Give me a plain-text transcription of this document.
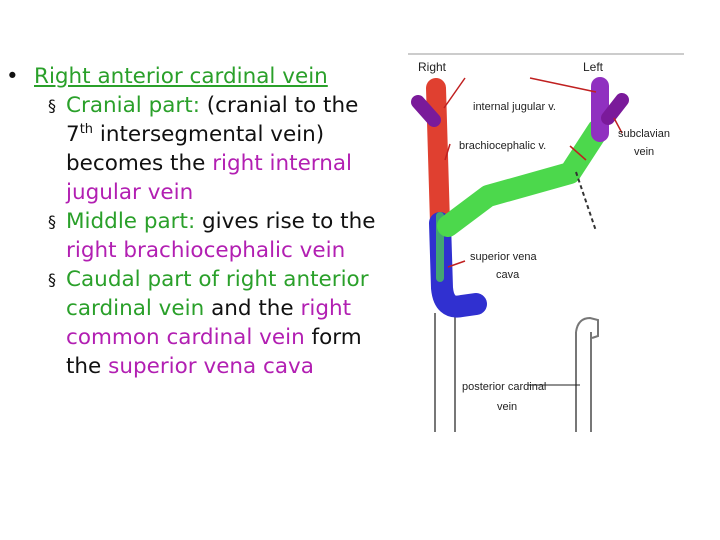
• Right anterior cardinal vein
§ Cranial part: (cranial to the 7th intersegmental vein) becomes the right internal jugular vein
§ Middle part: gives rise to the right brachiocephalic vein
§ Caudal part of right anterior cardinal vein and the right common cardinal vein form the superior vena cava
Right	Left
internal jugular v.
brachiocephalic v.
subclavian
vein
superior vena
cava
posterior cardinal
vein
